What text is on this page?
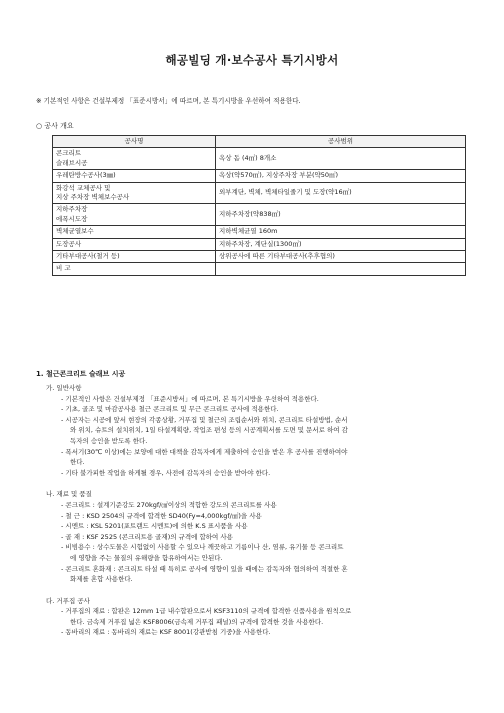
해공빌딩 개·보수공사 특기시방서
※ 기본적인 사항은 건설부제정 「표준시방서」에 따르며, 본 특기시방을 우선하여 적용한다.
○ 공사 개요
공사명	공사범위

콘크리트
슬래브시공	옥상 돔 (4㎡) 8개소

우레탄방수공사(3㎜)	옥상(약570㎡), 지상주차장 부분(약50㎡)

화강석 교체공사 및
지상 주차장 벽체보수공사	외부계단, 벽체, 벽체타일줄기 및 도장(약16㎡)

지하주차장
에폭시도장	지하주차장(약838㎡)

벽체균열보수	지하벽체균열 160m

도장공사	지하주차장, 계단실(1300㎡)

기타부대공사(철거 등)	상위공사에 따른 기타부대공사(추후협의)

비 고	

1. 철근콘크리트 슬래브 시공
가. 일반사항
- 기본적인 사항은 건설부제정 「표준시방서」에 따르며, 본 특기시방을 우선하여 적용한다.
- 기초, 골조 및 마감공사용 철근 콘크리트 및 무근 콘크리트 공사에 적용한다.
- 시공자는 시공에 앞서 현장의 각종상황, 거푸집 및 철근의 조립순서와 위치, 콘크리트 타설방법, 순서
와 위치, 슈트의 설치위치, 1일 타설계획량, 작업조 편성 등의 시공계획서를 도면 및 문서로 하여 감
독자의 승인을 받도록 한다.
- 폭서기(30℃ 이상)에는 보양에 대한 대책을 감독자에게 제출하여 승인을 받은 후 공사를 진행하여야
한다.
- 기타 불가피한 작업을 하게될 경우, 사전에 감독자의 승인을 받아야 한다.
나. 재료 및 품질
- 콘크리트 : 설계기준강도 270kgf/㎠이상의 적합한 강도의 콘크리트를 사용
- 철 근 : KSD 2504의 규격에 합격한 SD40(Fy=4,000kgf/㎠)을 사용
- 시멘트 : KSL 5201(포트랜드 시멘트)에 의한 K.S 표시품을 사용
- 골 재 : KSF 2525 (콘크리트용 골재)의 규격에 합하여 사용
- 비빔용수 : 상수도물은 시험없이 사용할 수 있으나 깨끗하고 기름이나 산, 염류, 유기물 등 콘크리트
에 영향을 주는 물질의 유해량을 함유하여서는 안된다.
- 콘크리트 혼화재 : 콘크리트 타설 때 특히로 공사에 영향이 있을 때에는 감독자와 협의하여 적절한 혼
화제를 혼합 사용한다.
다. 거푸집 공사
- 거푸집의 재료 : 합판은 12mm 1급 내수합판으로서 KSF3110의 규격에 합격한 신품사용을 원칙으로
한다. 금속제 거푸집 넓은 KSF8006(금속제 거푸집 패널)의 규격에 합격한 것을 사용한다.
- 동바리의 재료 : 동바리의 재료는 KSF 8001(강관받침 기중)을 사용한다.
